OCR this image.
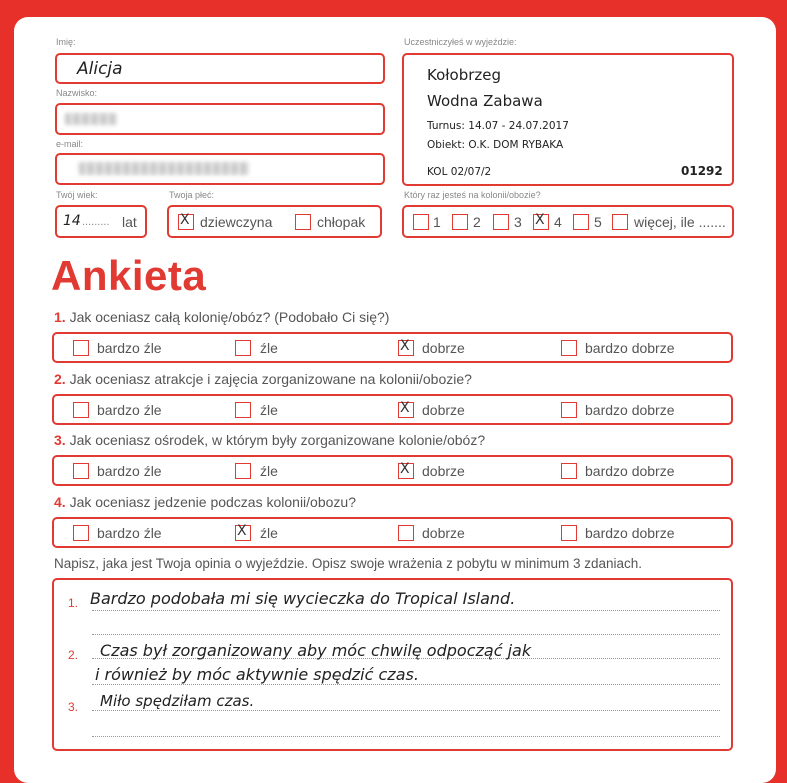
Imię:
Alicja
Nazwisko:
e-mail:
Twój wiek:
14 ......... lat
Twoja płeć:
X dziewczyna	chłopak
Uczestniczyłeś w wyjeździe:
Kołobrzeg
Wodna Zabawa
Turnus: 14.07 - 24.07.2017
Obiekt: O.K. DOM RYBAKA
KOL 02/07/2	01292
Który raz jesteś na kolonii/obozie?
1 2 3 X 4 5 więcej, ile .......
Ankieta
1. Jak oceniasz całą kolonię/obóz? (Podobało Ci się?)
bardzo źle	źle	X dobrze	bardzo dobrze
2. Jak oceniasz atrakcje i zajęcia zorganizowane na kolonii/obozie?
bardzo źle	źle	X dobrze	bardzo dobrze
3. Jak oceniasz ośrodek, w którym były zorganizowane kolonie/obóz?
bardzo źle	źle	X dobrze	bardzo dobrze
4. Jak oceniasz jedzenie podczas kolonii/obozu?
bardzo źle	X źle	dobrze	bardzo dobrze
Napisz, jaka jest Twoja opinia o wyjeździe. Opisz swoje wrażenia z pobytu w minimum 3 zdaniach.
1.
2.
3.
Bardzo podobała mi się wycieczka do Tropical Island.
Czas był zorganizowany aby móc chwilę odpocząć jak
i również by móc aktywnie spędzić czas.
Miło spędziłam czas.
